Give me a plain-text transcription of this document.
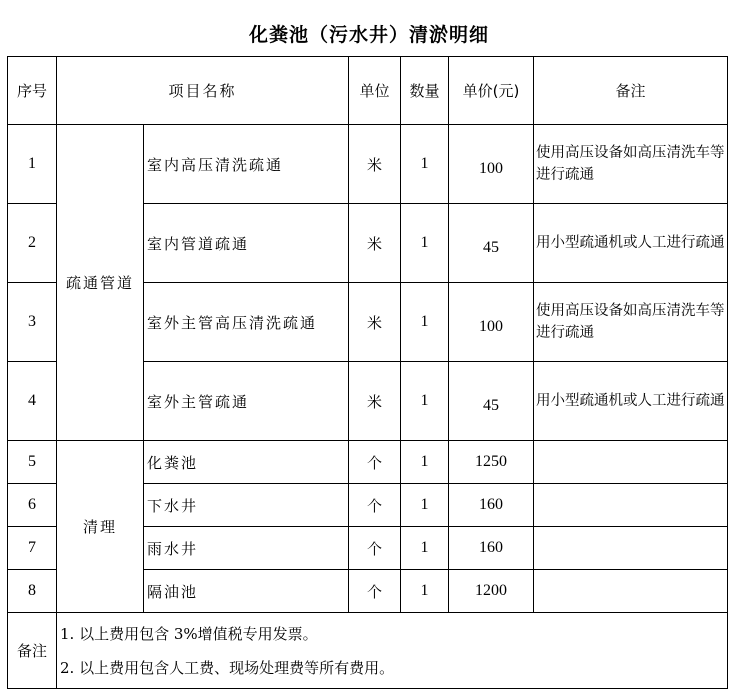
化粪池（污水井）清淤明细
序号	项目名称		单位	数量	单价(元)	备注
1	疏通管道	室内高压清洗疏通	米	1	100	使用高压设备如高压清洗车等进行疏通
2		室内管道疏通	米	1	45	用小型疏通机或人工进行疏通
3		室外主管高压清洗疏通	米	1	100	使用高压设备如高压清洗车等进行疏通
4		室外主管疏通	米	1	45	用小型疏通机或人工进行疏通
5	清理	化粪池	个	1	1250	
6		下水井	个	1	160	
7		雨水井	个	1	160	
8		隔油池	个	1	1200	
备注	1. 以上费用包含 3%增值税专用发票。
2. 以上费用包含人工费、现场处理费等所有费用。					
